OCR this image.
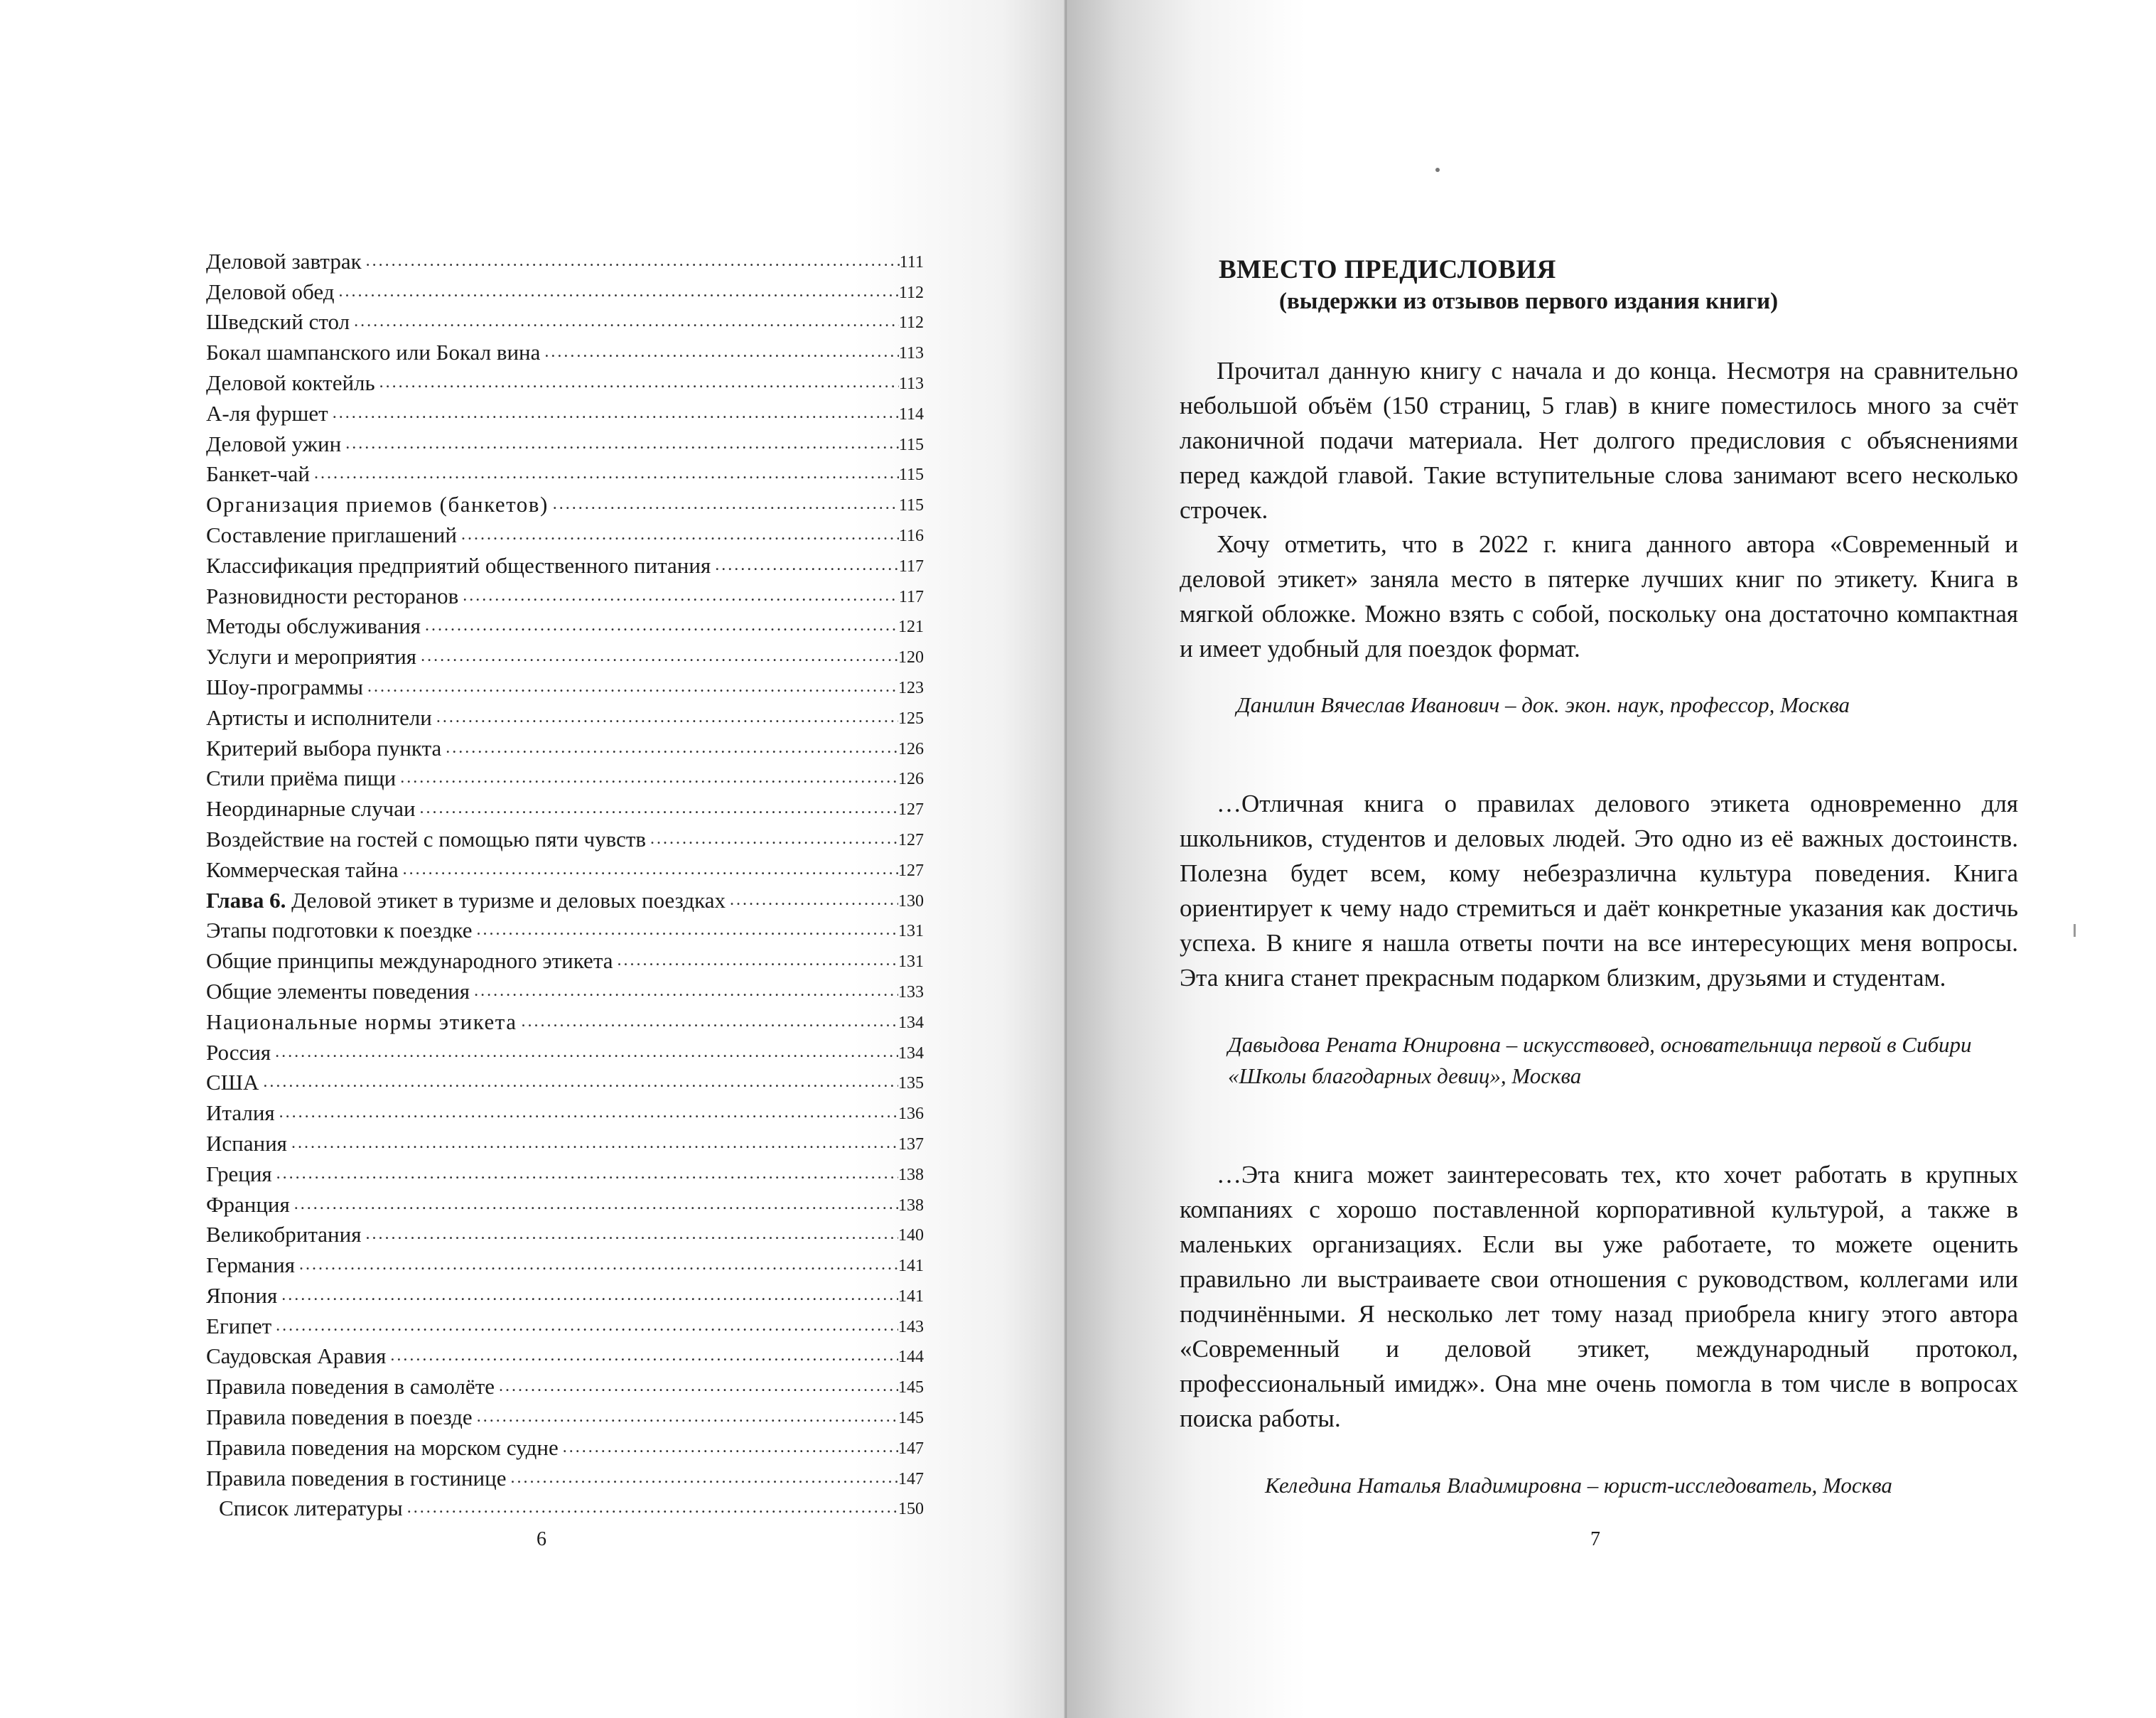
Деловой завтрак .....	111
Деловой обед .....	112
Шведский стол .....	112
Бокал шампанского или Бокал вина .....	113
Деловой коктейль .....	113
А-ля фуршет .....	114
Деловой ужин .....	115
Банкет-чай .....	115
Организация приемов (банкетов) .....	115
Составление приглашений .....	116
Классификация предприятий общественного питания .....	117
Разновидности ресторанов .....	117
Методы обслуживания .....	121
Услуги и мероприятия .....	120
Шоу-программы .....	123
Артисты и исполнители .....	125
Критерий выбора пункта .....	126
Стили приёма пищи .....	126
Неординарные случаи .....	127
Воздействие на гостей с помощью пяти чувств .....	127
Коммерческая тайна .....	127
Глава 6. Деловой этикет в туризме и деловых поездках .....	130
Этапы подготовки к поездке .....	131
Общие принципы международного этикета .....	131
Общие элементы поведения .....	133
Национальные нормы этикета .....	134
Россия .....	134
США .....	135
Италия .....	136
Испания .....	137
Греция .....	138
Франция .....	138
Великобритания .....	140
Германия .....	141
Япония .....	141
Египет .....	143
Саудовская Аравия .....	144
Правила поведения в самолёте .....	145
Правила поведения в поезде .....	145
Правила поведения на морском судне .....	147
Правила поведения в гостинице .....	147
Список литературы .....	150
6
ВМЕСТО ПРЕДИСЛОВИЯ
(выдержки из отзывов первого издания книги)

Прочитал данную книгу с начала и до конца. Несмотря на сравнительно небольшой объём (150 страниц, 5 глав) в книге поместилось много за счёт лаконичной подачи материала. Нет долгого предисловия с объяснениями перед каждой главой. Такие вступительные слова занимают всего несколько строчек.

Хочу отметить, что в 2022 г. книга данного автора «Современный и деловой этикет» заняла место в пятерке лучших книг по этикету. Книга в мягкой обложке. Можно взять с собой, поскольку она достаточно компактная и имеет удобный для поездок формат.

Данилин Вячеслав Иванович – док. экон. наук, профессор, Москва

…Отличная книга о правилах делового этикета одновременно для школьников, студентов и деловых людей. Это одно из её важных достоинств. Полезна будет всем, кому небезразлична культура поведения. Книга ориентирует к чему надо стремиться и даёт конкретные указания как достичь успеха. В книге я нашла ответы почти на все интересующих меня вопросы. Эта книга станет прекрасным подарком близким, друзьями и студентам.

Давыдова Рената Юнировна – искусствовед, основательница первой в Сибири «Школы благодарных девиц», Москва

…Эта книга может заинтересовать тех, кто хочет работать в крупных компаниях с хорошо поставленной корпоративной культурой, а также в маленьких организациях. Если вы уже работаете, то можете оценить правильно ли выстраиваете свои отношения с руководством, коллегами или подчинёнными. Я несколько лет тому назад приобрела книгу этого автора «Современный и деловой этикет, международный протокол, профессиональный имидж». Она мне очень помогла в том числе в вопросах поиска работы.

Келедина Наталья Владимировна – юрист-исследователь, Москва
7
